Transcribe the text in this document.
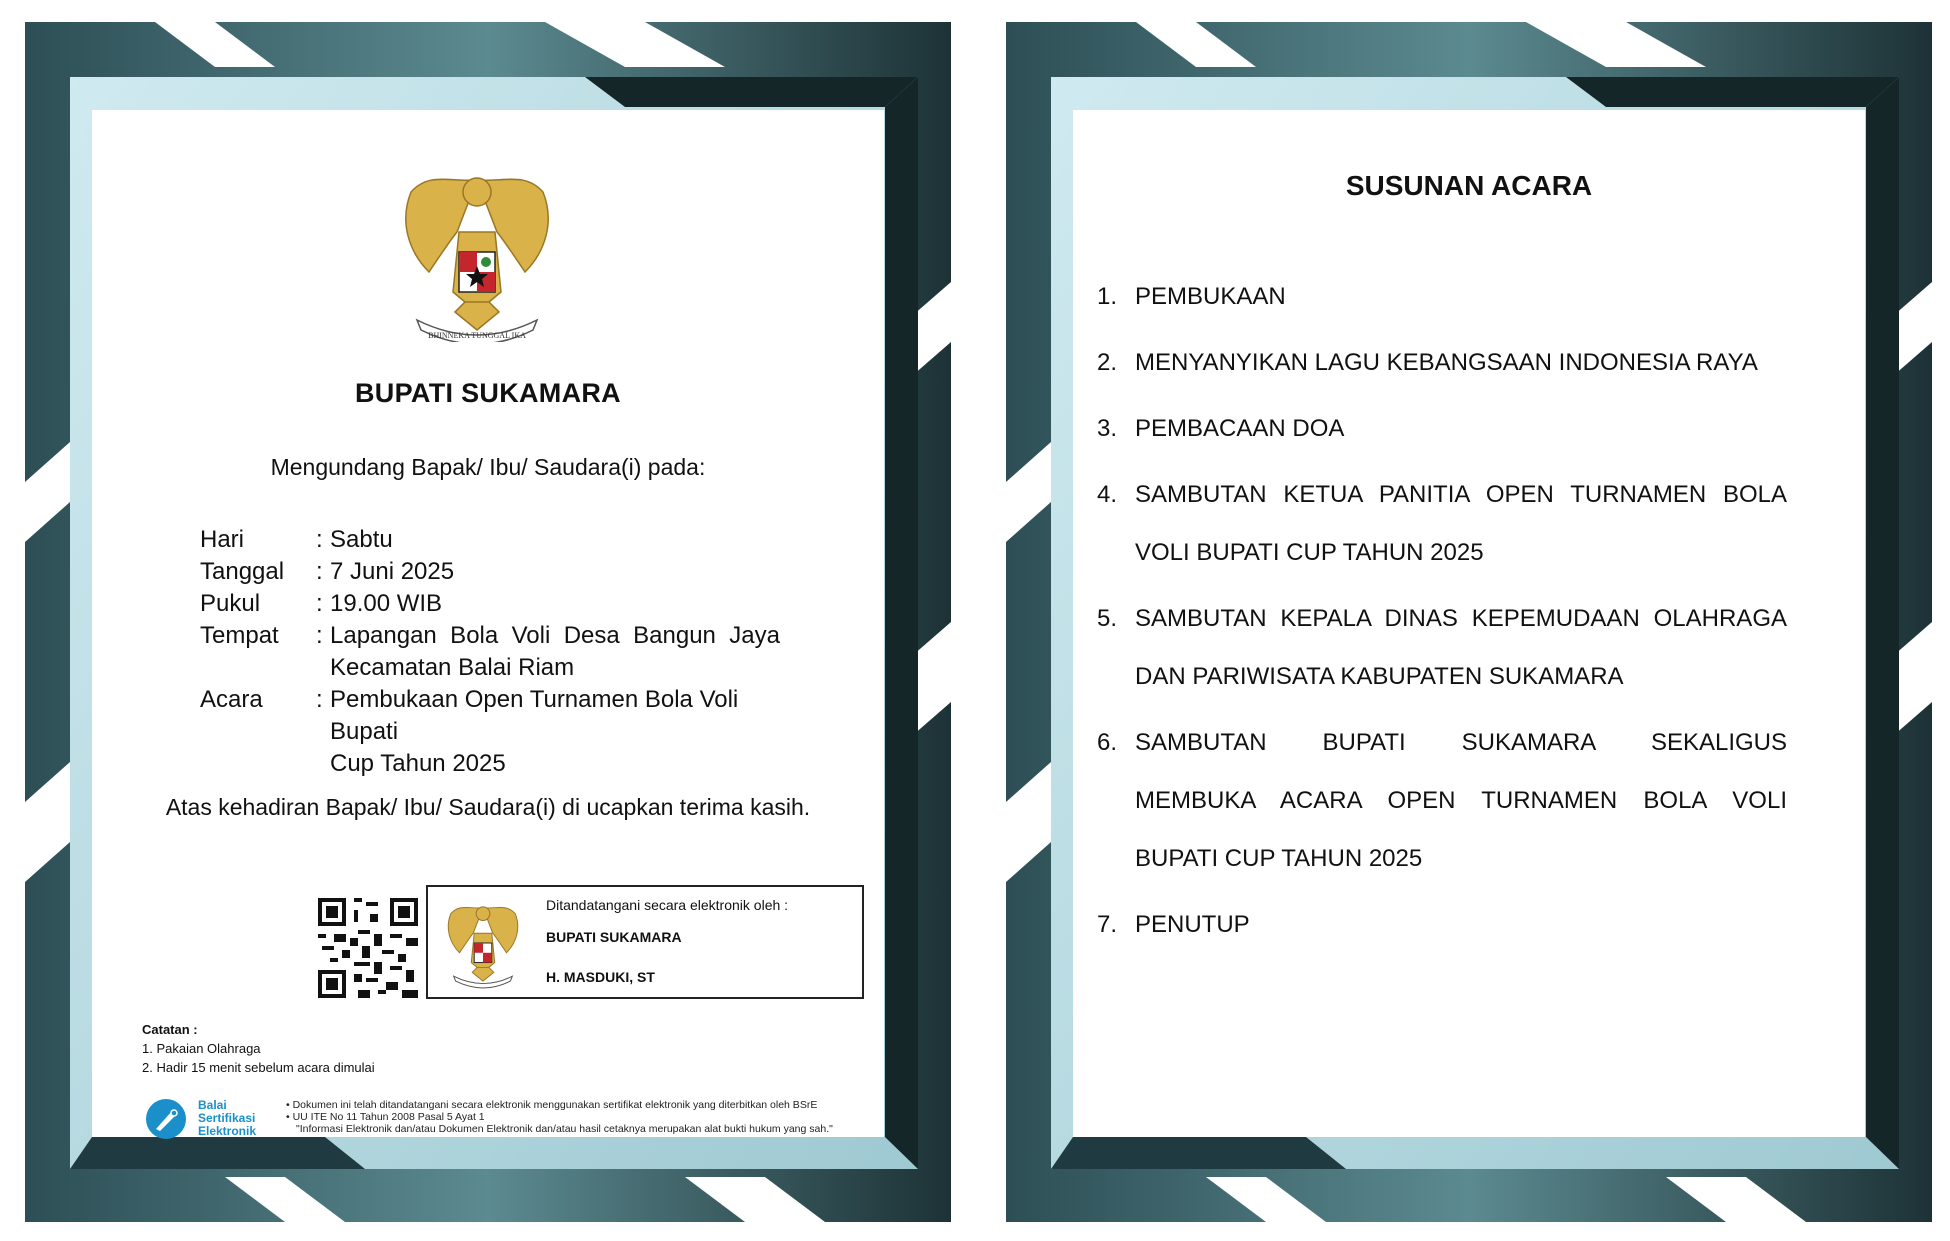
BHINNEKA TUNGGAL IKA
BUPATI SUKAMARA
Mengundang Bapak/ Ibu/ Saudara(i) pada:
Hari	: Sabtu
Tanggal	: 7 Juni 2025
Pukul	: 19.00 WIB
Tempat	: Lapangan Bola Voli Desa Bangun Jaya
Kecamatan Balai Riam
Acara	: Pembukaan Open Turnamen Bola Voli Bupati
Cup Tahun 2025
Atas kehadiran Bapak/ Ibu/ Saudara(i) di ucapkan terima kasih.
Ditandatangani secara elektronik oleh :
BUPATI SUKAMARA
H. MASDUKI, ST
Catatan :
1. Pakaian Olahraga
2. Hadir 15 menit sebelum acara dimulai
Balai
Sertifikasi
Elektronik
• Dokumen ini telah ditandatangani secara elektronik menggunakan sertifikat elektronik yang diterbitkan oleh BSrE
• UU ITE No 11 Tahun 2008 Pasal 5 Ayat 1
"Informasi Elektronik dan/atau Dokumen Elektronik dan/atau hasil cetaknya merupakan alat bukti hukum yang sah."
SUSUNAN ACARA
1. PEMBUKAAN
2. MENYANYIKAN LAGU KEBANGSAAN INDONESIA RAYA
3. PEMBACAAN DOA
4. SAMBUTAN KETUA PANITIA OPEN TURNAMEN BOLA
VOLI BUPATI CUP TAHUN 2025
5. SAMBUTAN KEPALA DINAS KEPEMUDAAN OLAHRAGA
DAN PARIWISATA KABUPATEN SUKAMARA
6. SAMBUTAN BUPATI SUKAMARA SEKALIGUS
MEMBUKA ACARA OPEN TURNAMEN BOLA VOLI
BUPATI CUP TAHUN 2025
7. PENUTUP
